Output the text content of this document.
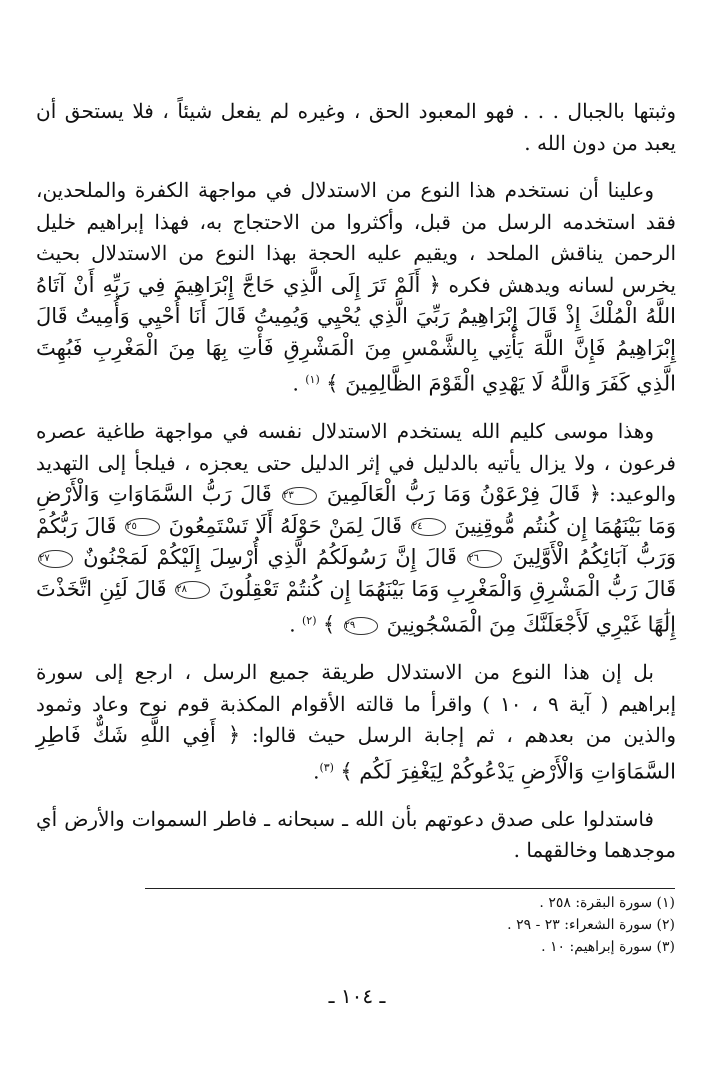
وثبتها بالجبال . . . فهو المعبود الحق ، وغيره لم يفعل شيئاً ، فلا يستحق أن يعبد من دون الله .

وعلينا أن نستخدم هذا النوع من الاستدلال في مواجهة الكفرة والملحدين، فقد استخدمه الرسل من قبل، وأكثروا من الاحتجاج به، فهذا إبراهيم خليل الرحمن يناقش الملحد ، ويقيم عليه الحجة بهذا النوع من الاستدلال بحيث يخرس لسانه ويدهش فكره ﴿ أَلَمْ تَرَ إِلَى الَّذِي حَاجَّ إِبْرَاهِيمَ فِي رَبِّهِ أَنْ آتَاهُ اللَّهُ الْمُلْكَ إِذْ قَالَ إِبْرَاهِيمُ رَبِّيَ الَّذِي يُحْيِي وَيُمِيتُ قَالَ أَنَا أُحْيِي وَأُمِيتُ قَالَ إِبْرَاهِيمُ فَإِنَّ اللَّهَ يَأْتِي بِالشَّمْسِ مِنَ الْمَشْرِقِ فَأْتِ بِهَا مِنَ الْمَغْرِبِ فَبُهِتَ الَّذِي كَفَرَ وَاللَّهُ لَا يَهْدِي الْقَوْمَ الظَّالِمِينَ ﴾ $^{(١)}$ .

وهذا موسى كليم الله يستخدم الاستدلال نفسه في مواجهة طاغية عصره فرعون ، ولا يزال يأتيه بالدليل في إثر الدليل حتى يعجزه ، فيلجأ إلى التهديد والوعيد: ﴿ قَالَ فِرْعَوْنُ وَمَا رَبُّ الْعَالَمِينَ ٢٣ قَالَ رَبُّ السَّمَاوَاتِ وَالْأَرْضِ وَمَا بَيْنَهُمَا إِن كُنتُم مُّوقِنِينَ ٢٤ قَالَ لِمَنْ حَوْلَهُ أَلَا تَسْتَمِعُونَ ٢٥ قَالَ رَبُّكُمْ وَرَبُّ آبَائِكُمُ الْأَوَّلِينَ ٢٦ قَالَ إِنَّ رَسُولَكُمُ الَّذِي أُرْسِلَ إِلَيْكُمْ لَمَجْنُونٌ ٢٧ قَالَ رَبُّ الْمَشْرِقِ وَالْمَغْرِبِ وَمَا بَيْنَهُمَا إِن كُنتُمْ تَعْقِلُونَ ٢٨ قَالَ لَئِنِ اتَّخَذْتَ إِلَٰهًا غَيْرِي لَأَجْعَلَنَّكَ مِنَ الْمَسْجُونِينَ ٢٩ ﴾ $^{(٢)}$ .

بل إن هذا النوع من الاستدلال طريقة جميع الرسل ، ارجع إلى سورة إبراهيم ( آية ٩ ، ١٠ ) واقرأ ما قالته الأقوام المكذبة قوم نوح وعاد وثمود والذين من بعدهم ، ثم إجابة الرسل حيث قالوا: ﴿ أَفِي اللَّهِ شَكٌّ فَاطِرِ السَّمَاوَاتِ وَالْأَرْضِ يَدْعُوكُمْ لِيَغْفِرَ لَكُم ﴾ $^{(٣)}$.

فاستدلوا على صدق دعوتهم بأن الله ـ سبحانه ـ فاطر السموات والأرض أي موجدهما وخالقهما .

(١) سورة البقرة: ٢٥٨ .
(٢) سورة الشعراء: ٢٣ - ٢٩ .
(٣) سورة إبراهيم: ١٠ .
ـ ١٠٤ ـ
